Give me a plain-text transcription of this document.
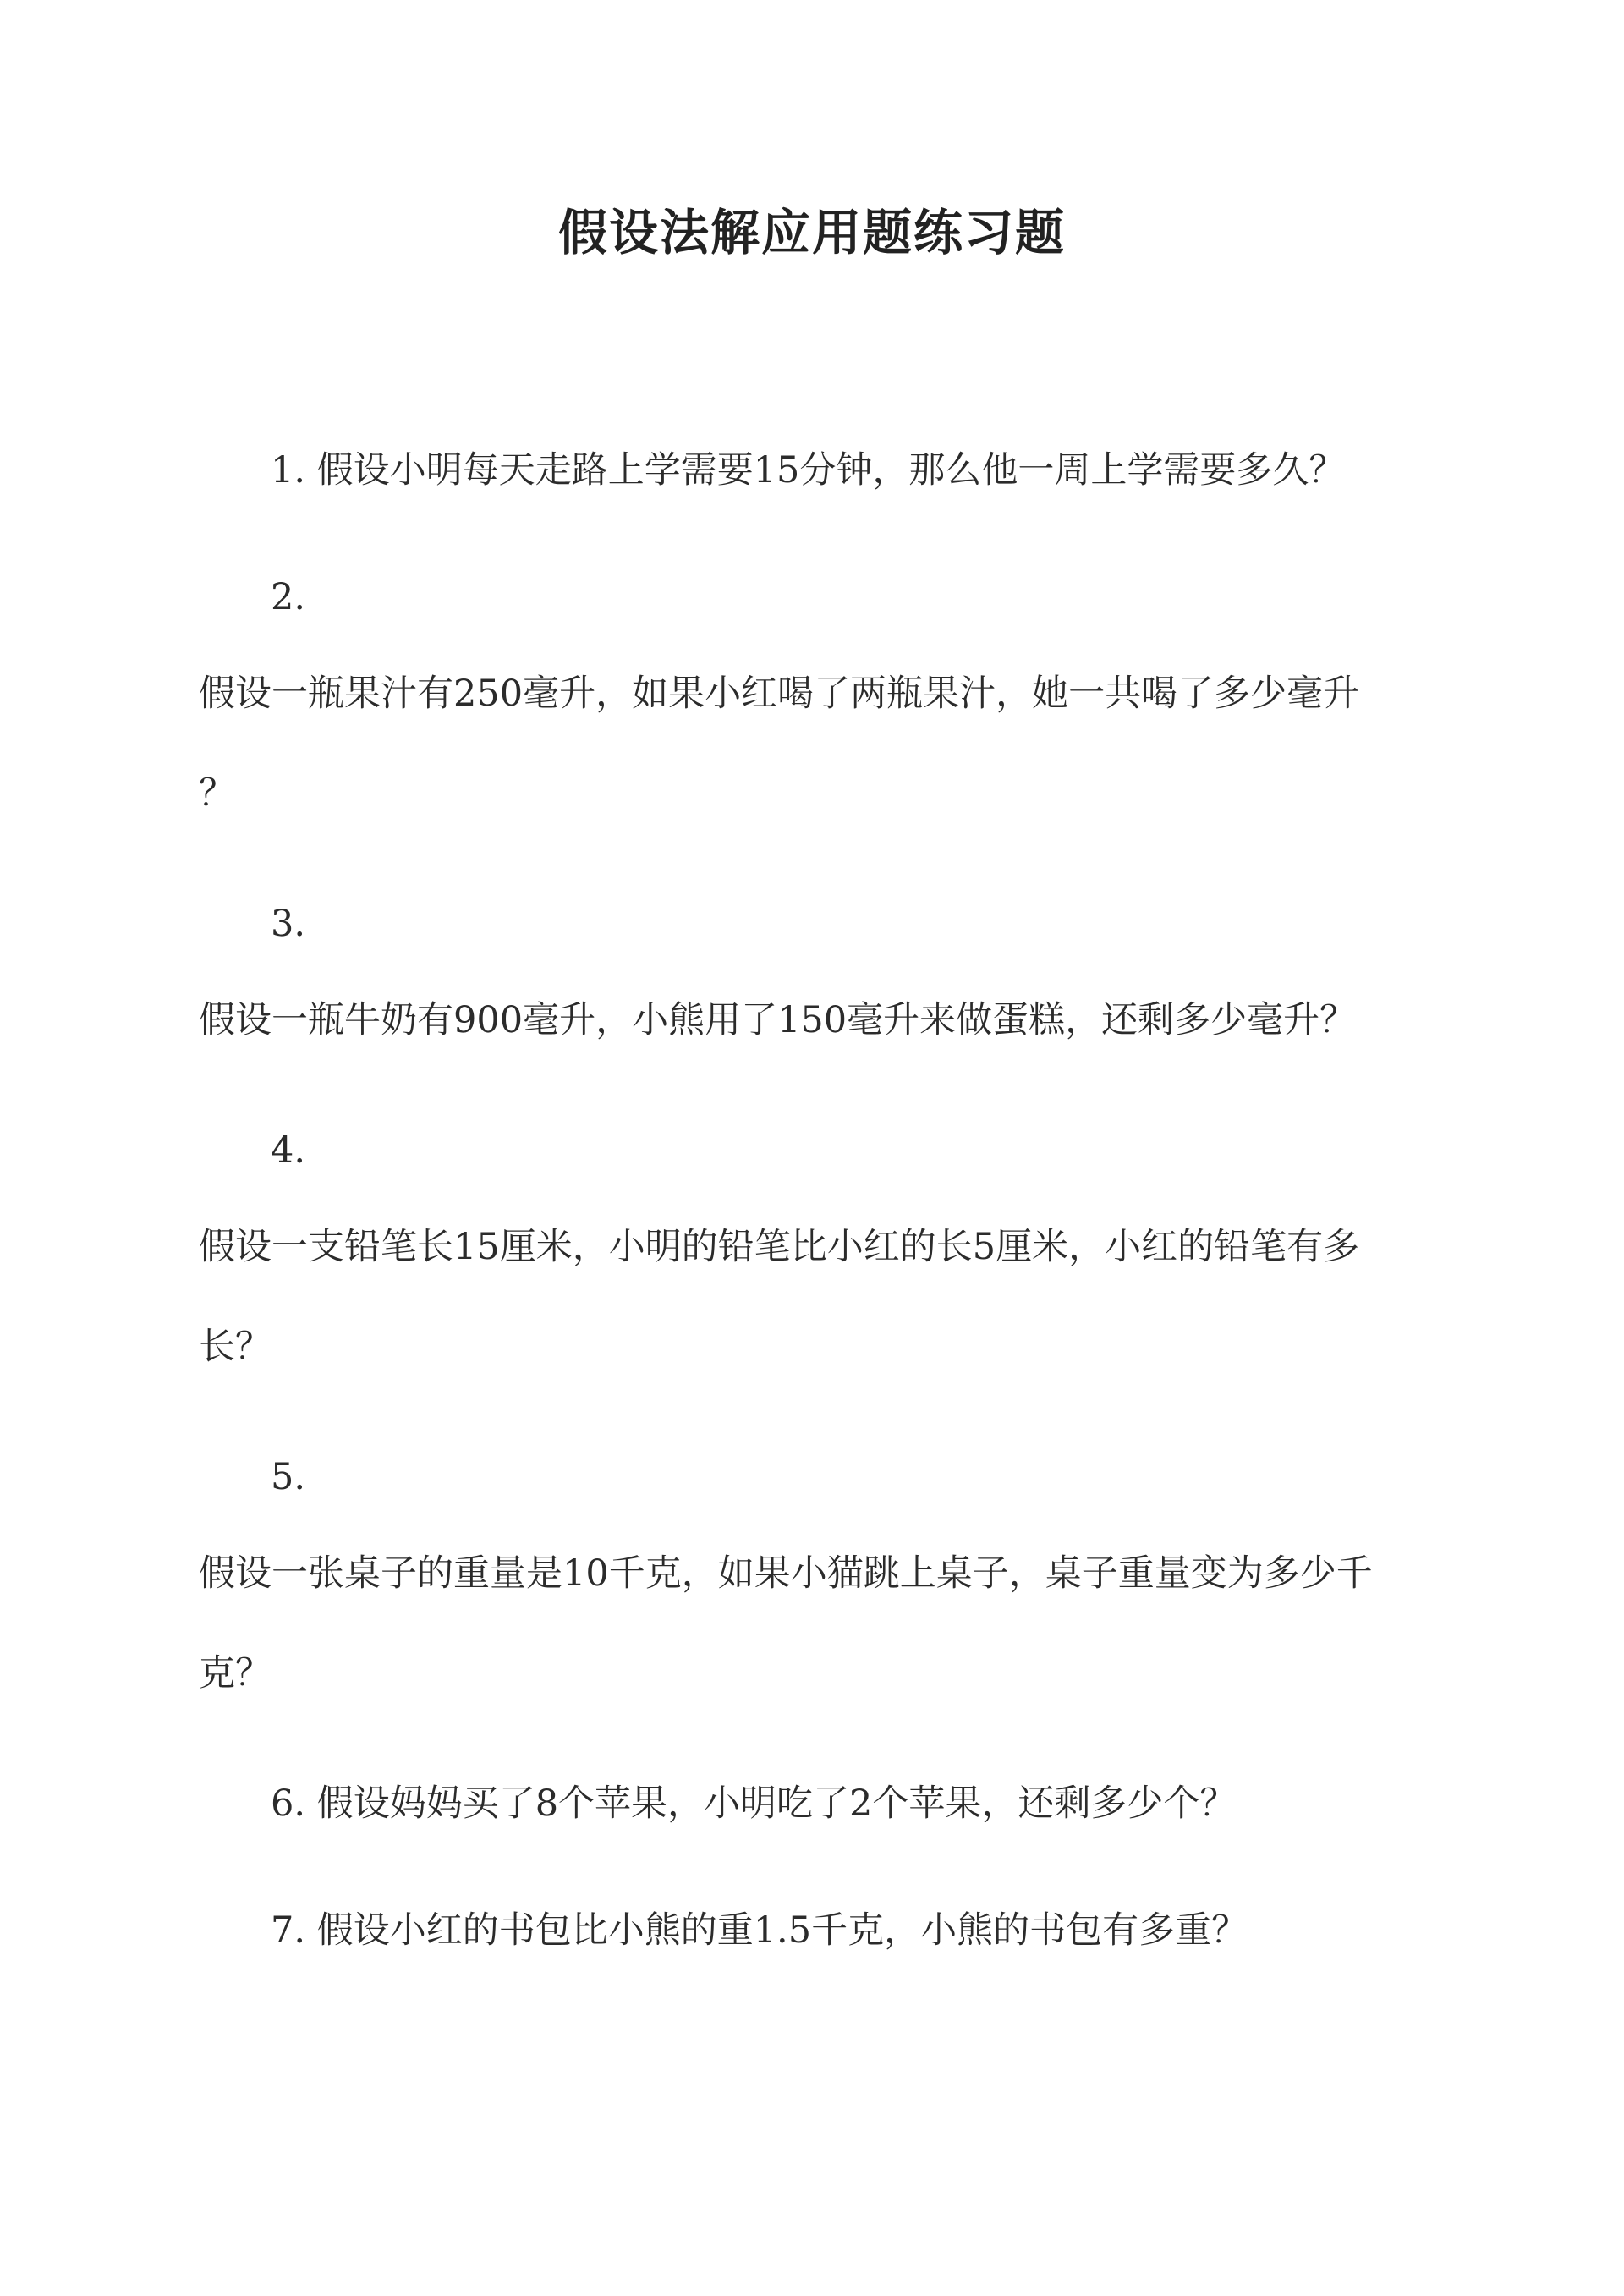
假设法解应用题练习题

1. 假设小明每天走路上学需要15分钟，那么他一周上学需要多久？

2.

假设一瓶果汁有250毫升，如果小红喝了两瓶果汁，她一共喝了多少毫升

？

3.

假设一瓶牛奶有900毫升，小熊用了150毫升来做蛋糕，还剩多少毫升？

4.

假设一支铅笔长15厘米，小明的铅笔比小红的长5厘米，小红的铅笔有多

长？

5.

假设一张桌子的重量是10千克，如果小猫跳上桌子，桌子重量变为多少千

克？

6. 假设妈妈买了8个苹果，小明吃了2个苹果，还剩多少个？

7. 假设小红的书包比小熊的重1.5千克，小熊的书包有多重？
